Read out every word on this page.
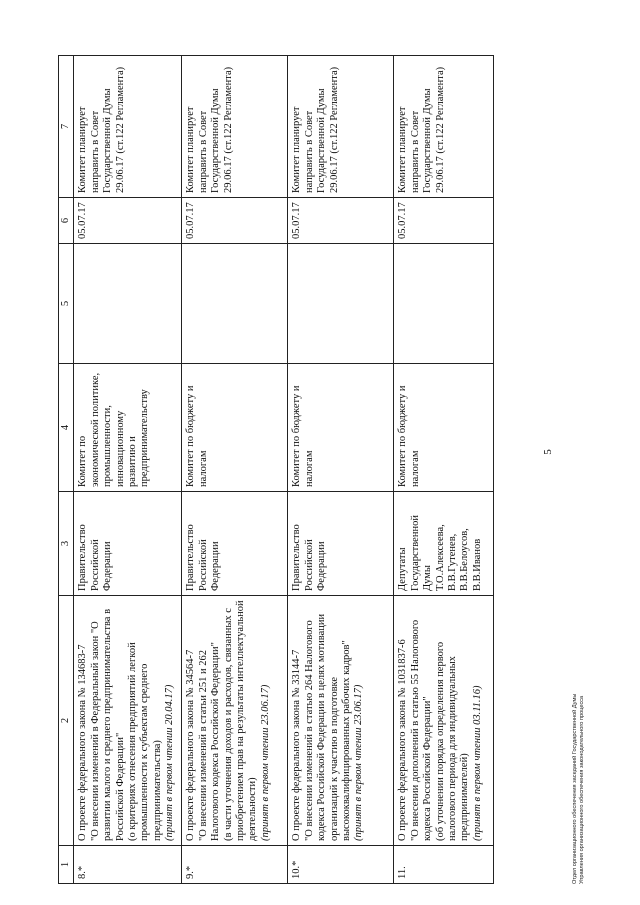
5
1	2	3	4	5	6	7
8.*	О проекте федерального закона № 134683-7
"О внесении изменений в Федеральный закон "О развитии малого и среднего предпринимательства в Российской Федерации"
(о критериях отнесения предприятий легкой промышленности к субъектам среднего предпринимательства) (принят в первом чтении 20.04.17)	Правительство Российской Федерации	Комитет по экономической политике, промышленности, инновационному развитию и предпринимательству		05.07.17	Комитет планирует направить в Совет Государственной Думы 29.06.17 (ст.122 Регламента)
9.*	О проекте федерального закона № 34564-7
"О внесении изменений в статьи 251 и 262 Налогового кодекса Российской Федерации"
(в части уточнения доходов и расходов, связанных с приобретением прав на результаты интеллектуальной деятельности) (принят в первом чтении 23.06.17)	Правительство Российской Федерации	Комитет по бюджету и налогам		05.07.17	Комитет планирует направить в Совет Государственной Думы 29.06.17 (ст.122 Регламента)
10.*	О проекте федерального закона № 33144-7
"О внесении изменений в статью 264 Налогового кодекса Российской Федерации в целях мотивации организаций к участию в подготовке высококвалифицированных рабочих кадров"
(принят в первом чтении 23.06.17)	Правительство Российской Федерации	Комитет по бюджету и налогам		05.07.17	Комитет планирует направить в Совет Государственной Думы 29.06.17 (ст.122 Регламента)
11.	О проекте федерального закона № 1031837-6
"О внесении дополнений в статью 55 Налогового кодекса Российской Федерации"
(об уточнении порядка определения первого налогового периода для индивидуальных предпринимателей) (принят в первом чтении 03.11.16)	Депутаты Государственной Думы Т.О.Алексеева, В.В.Гутенев, В.В.Белоусов, В.В.Иванов	Комитет по бюджету и налогам		05.07.17	Комитет планирует направить в Совет Государственной Думы 29.06.17 (ст.122 Регламента)
Отдел организационного обеспечения заседаний Государственной Думы Управления организационного обеспечения законодательного процесса
